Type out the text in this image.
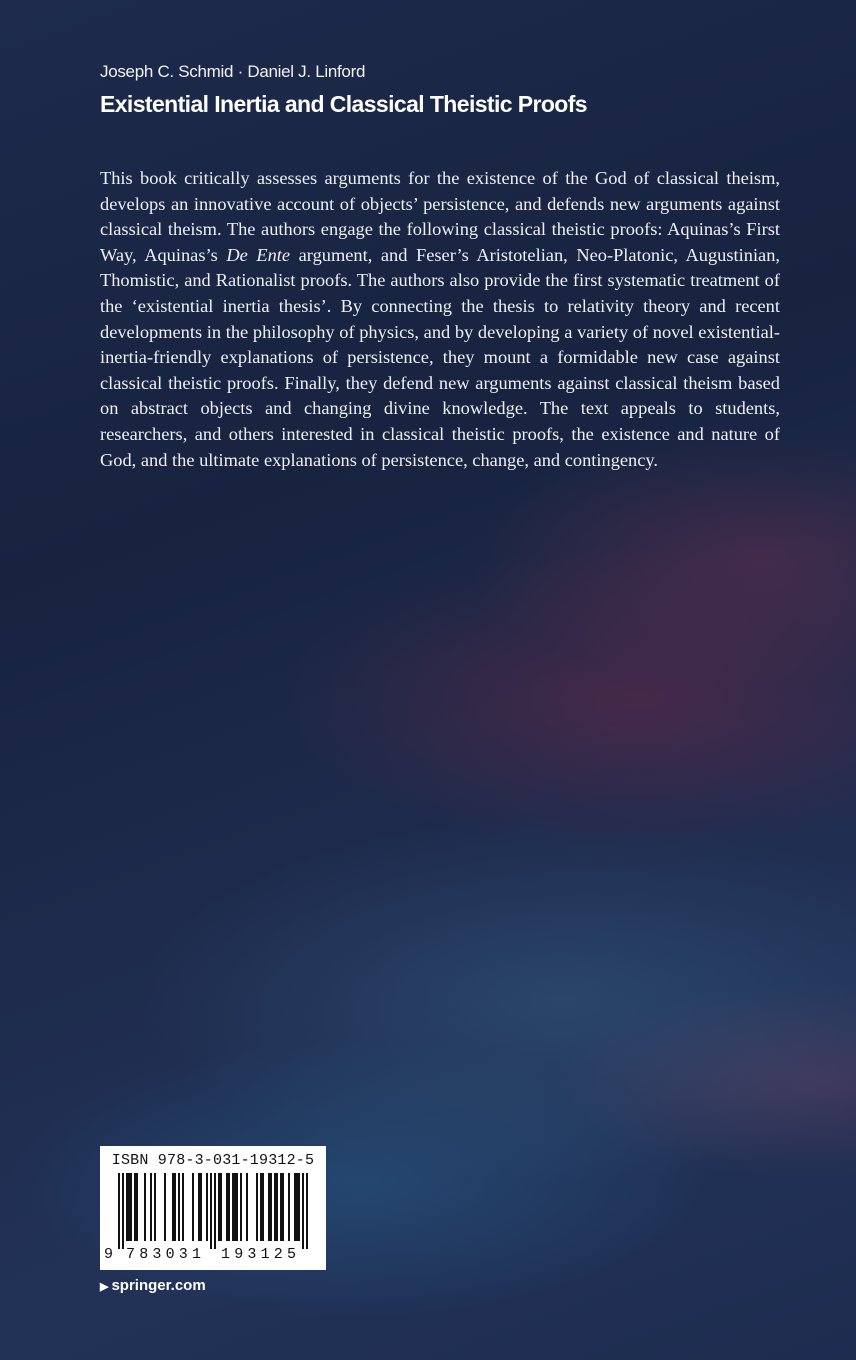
Joseph C. Schmid · Daniel J. Linford
Existential Inertia and Classical Theistic Proofs

This book critically assesses arguments for the existence of the God of classical theism, develops an innovative account of objects’ persistence, and defends new arguments against classical theism. The authors engage the following classical theistic proofs: Aquinas’s First Way, Aquinas’s De Ente argument, and Feser’s Aristotelian, Neo-Platonic, Augustinian, Thomistic, and Rationalist proofs. The authors also provide the first systematic treatment of the ‘existential inertia thesis’. By connecting the thesis to relativity theory and recent developments in the philosophy of physics, and by developing a variety of novel existential-inertia-friendly explanations of persistence, they mount a formidable new case against classical theistic proofs. Finally, they defend new arguments against classical theism based on abstract objects and changing divine knowledge. The text appeals to students, researchers, and others interested in classical theistic proofs, the existence and nature of God, and the ultimate explanations of persistence, change, and contingency.

ISBN 978-3-031-19312-5
9 783031 193125
▶ springer.com
